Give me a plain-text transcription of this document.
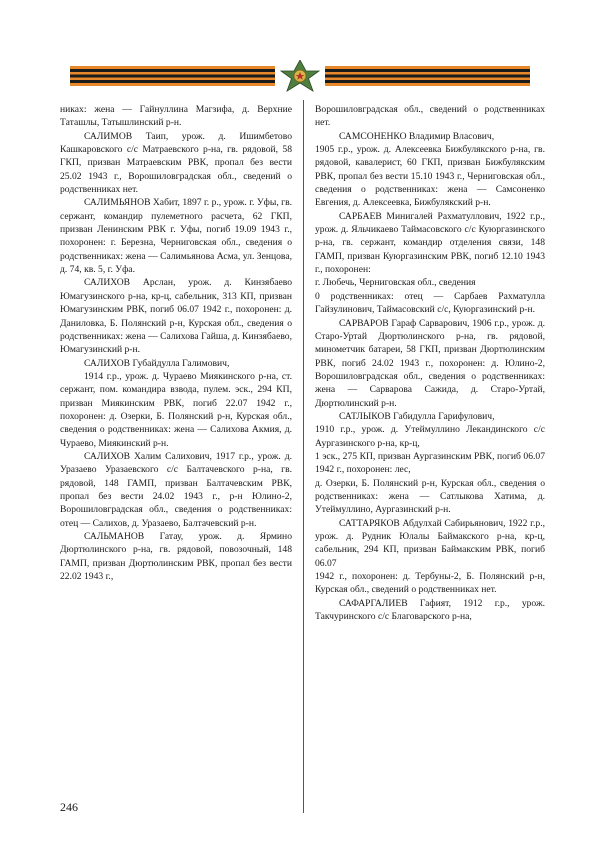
никах: жена — Гайнуллина Магзифа, д. Верхние Таташлы, Татышлинский р-н.

САЛИМОВ Таип, урож. д. Ишимбетово Кашкаровского с/с Матраевского р-на, гв. рядовой, 58 ГКП, призван Матраевским РВК, пропал без вести 25.02 1943 г., Ворошиловградская обл., сведений о родственниках нет.

САЛИМЬЯНОВ Хабит, 1897 г. р., урож. г. Уфы, гв. сержант, командир пулеметного расчета, 62 ГКП, призван Ленинским РВК г. Уфы, погиб 19.09 1943 г., похоронен: г. Березна, Черниговская обл., сведения о родственниках: жена — Салимьянова Асма, ул. Зенцова, д. 74, кв. 5, г. Уфа.

САЛИХОВ Арслан, урож. д. Кинзябаево Юмагузинского р-на, кр-ц, сабельник, 313 КП, призван Юмагузинским РВК, погиб 06.07 1942 г., похоронен: д. Даниловка, Б. Полянский р-н, Курская обл., сведения о родственниках: жена — Салихова Гайша, д. Кинзябаево, Юмагузинский р-н.

САЛИХОВ Губайдулла Галимович,

1914 г.р., урож. д. Чураево Миякинского р-на, ст. сержант, пом. командира взвода, пулем. эск., 294 КП, призван Миякинским РВК, погиб 22.07 1942 г., похоронен: д. Озерки, Б. Полянский р-н, Курская обл., сведения о родственниках: жена — Салихова Акмия, д. Чураево, Миякинский р-н.

САЛИХОВ Халим Салихович, 1917 г.р., урож. д. Уразаево Уразаевского с/с Балтачевского р-на, гв. рядовой, 148 ГАМП, призван Балтачевским РВК, пропал без вести 24.02 1943 г., р-н Юлино-2, Ворошиловградская обл., сведения о родственниках: отец — Салихов, д. Уразаево, Балтачевский р-н.

САЛЬМАНОВ Гатау, урож. д. Ярмино Дюртюлинского р-на, гв. рядовой, повозочный, 148 ГАМП, призван Дюртюлинским РВК, пропал без вести 22.02 1943 г.,

Ворошиловградская обл., сведений о родственниках нет.

САМСОНЕНКО Владимир Власович,

1905 г.р., урож. д. Алексеевка Бижбулякского р-на, гв. рядовой, кавалерист, 60 ГКП, призван Бижбулякским РВК, пропал без вести 15.10 1943 г., Черниговская обл., сведения о родственниках: жена — Самсоненко Евгения, д. Алексеевка, Бижбулякский р-н.

САРБАЕВ Минигалей Рахматуллович, 1922 г.р., урож. д. Яльчикаево Таймасовского с/с Куюргазинского р-на, гв. сержант, командир отделения связи, 148 ГАМП, призван Куюргазинским РВК, погиб 12.10 1943 г., похоронен:

г. Любечь, Черниговская обл., сведения

0 родственниках: отец — Сарбаев Рахматулла Гайзулинович, Таймасовский с/с, Куюргазинский р-н.

САРВАРОВ Гараф Сарварович, 1906 г.р., урож. д. Старо-Уртай Дюртюлинского р-на, гв. рядовой, минометчик батареи, 58 ГКП, призван Дюртюлинским РВК, погиб 24.02 1943 г., похоронен: д. Юлино-2, Ворошиловградская обл., сведения о родственниках: жена — Сарварова Сажида, д. Старо-Уртай, Дюртюлинский р-н.

САТЛЫКОВ Габидулла Гарифулович,

1910 г.р., урож. д. Утеймуллино Лекандинского с/с Аургазинского р-на, кр-ц,

1 эск., 275 КП, призван Аургазинским РВК, погиб 06.07 1942 г., похоронен: лес,

д. Озерки, Б. Полянский р-н, Курская обл., сведения о родственниках: жена — Сатлыкова Хатима, д. Утеймуллино, Аургазинский р-н.

САТТАРЯКОВ Абдулхай Сабирьянович, 1922 г.р., урож. д. Рудник Юлалы Баймакского р-на, кр-ц, сабельник, 294 КП, призван Баймакским РВК, погиб 06.07

1942 г., похоронен: д. Тербуны-2, Б. Полянский р-н, Курская обл., сведений о родственниках нет.

САФАРГАЛИЕВ Гафият, 1912 г.р., урож. Такчуринского с/с Благоварского р-на,

246
